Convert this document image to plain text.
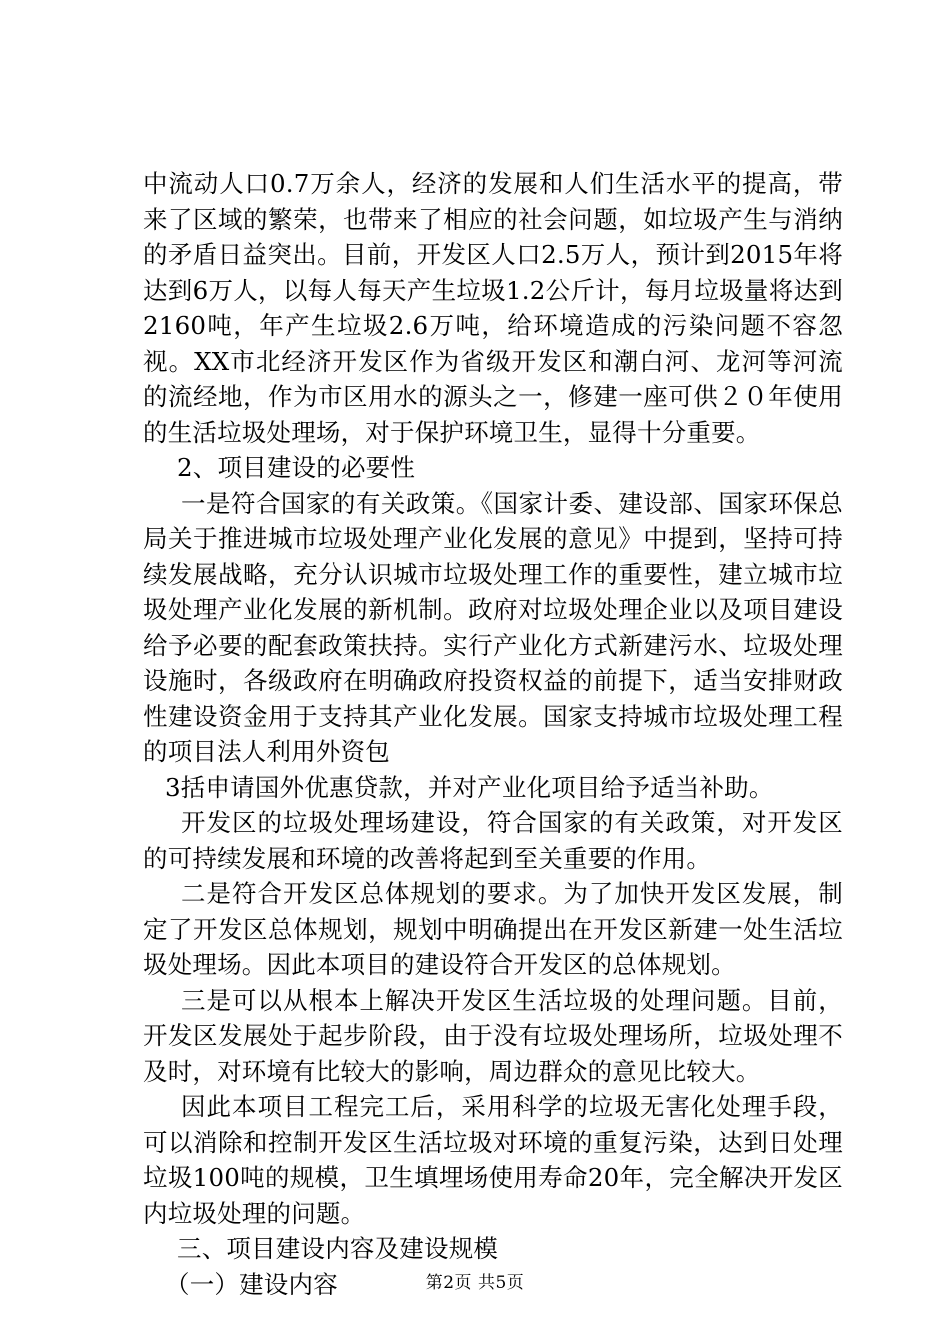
中流动人口0.7万余人，经济的发展和人们生活水平的提高，带来了区域的繁荣，也带来了相应的社会问题，如垃圾产生与消纳的矛盾日益突出。目前，开发区人口2.5万人，预计到2015年将达到6万人，以每人每天产生垃圾1.2公斤计，每月垃圾量将达到2160吨，年产生垃圾2.6万吨，给环境造成的污染问题不容忽视。XX市北经济开发区作为省级开发区和潮白河、龙河等河流的流经地，作为市区用水的源头之一，修建一座可供２０年使用的生活垃圾处理场，对于保护环境卫生，显得十分重要。

2、项目建设的必要性

一是符合国家的有关政策。《国家计委、建设部、国家环保总局关于推进城市垃圾处理产业化发展的意见》中提到，坚持可持续发展战略，充分认识城市垃圾处理工作的重要性，建立城市垃圾处理产业化发展的新机制。政府对垃圾处理企业以及项目建设给予必要的配套政策扶持。实行产业化方式新建污水、垃圾处理设施时，各级政府在明确政府投资权益的前提下，适当安排财政性建设资金用于支持其产业化发展。国家支持城市垃圾处理工程的项目法人利用外资包

3括申请国外优惠贷款，并对产业化项目给予适当补助。

开发区的垃圾处理场建设，符合国家的有关政策，对开发区的可持续发展和环境的改善将起到至关重要的作用。

二是符合开发区总体规划的要求。为了加快开发区发展，制定了开发区总体规划，规划中明确提出在开发区新建一处生活垃圾处理场。因此本项目的建设符合开发区的总体规划。

三是可以从根本上解决开发区生活垃圾的处理问题。目前，开发区发展处于起步阶段，由于没有垃圾处理场所，垃圾处理不及时，对环境有比较大的影响，周边群众的意见比较大。

因此本项目工程完工后，采用科学的垃圾无害化处理手段，可以消除和控制开发区生活垃圾对环境的重复污染，达到日处理垃圾100吨的规模，卫生填埋场使用寿命20年，完全解决开发区内垃圾处理的问题。

三、项目建设内容及建设规模

（一）建设内容	第2页 共5页
